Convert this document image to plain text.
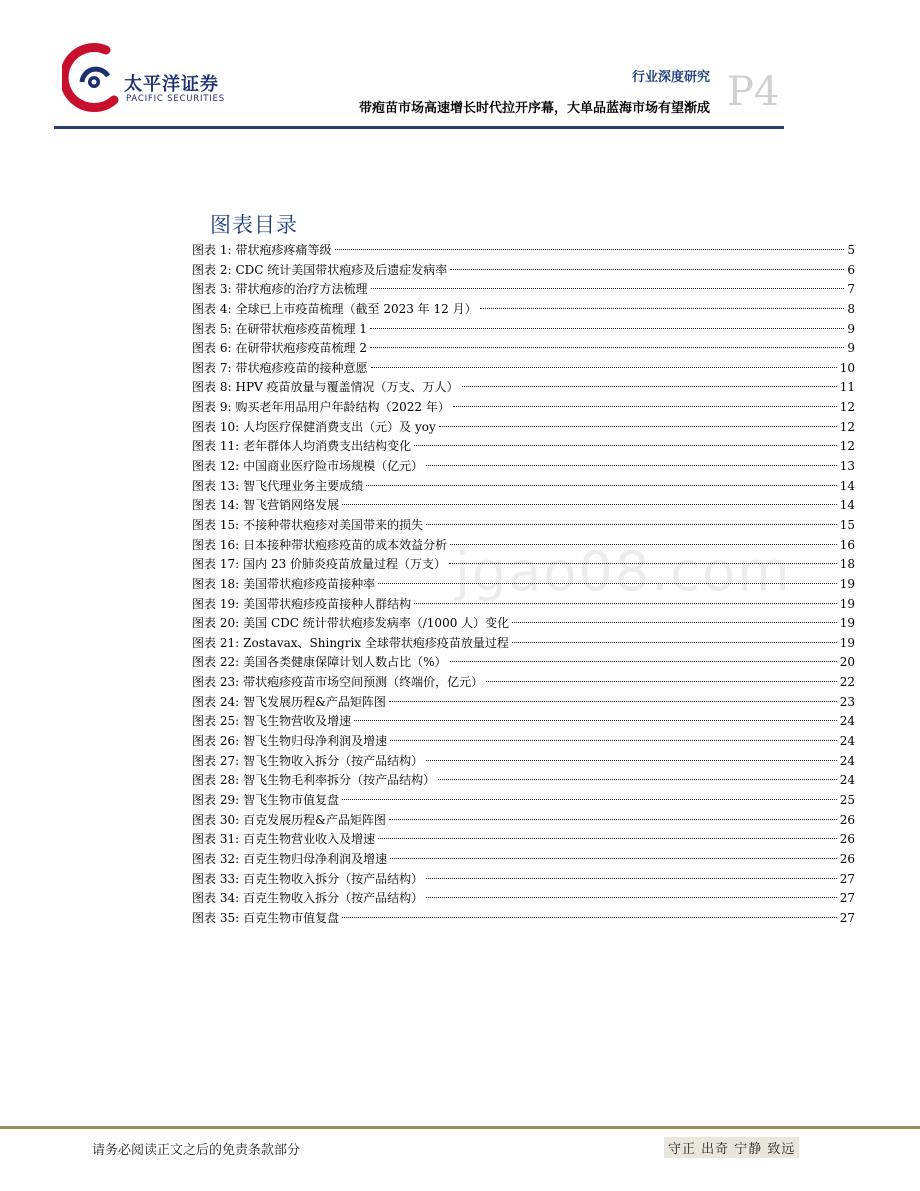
太平洋证券
PACIFIC SECURITIES
行业深度研究
带疱苗市场高速增长时代拉开序幕，大单品蓝海市场有望渐成 P4
jgao08.com
图表目录
图表 1: 带状疱疹疼痛等级	5
图表 2: CDC 统计美国带状疱疹及后遗症发病率	6
图表 3: 带状疱疹的治疗方法梳理	7
图表 4: 全球已上市疫苗梳理（截至 2023 年 12 月）	8
图表 5: 在研带状疱疹疫苗梳理 1	9
图表 6: 在研带状疱疹疫苗梳理 2	9
图表 7: 带状疱疹疫苗的接种意愿	10
图表 8: HPV 疫苗放量与覆盖情况（万支、万人）	11
图表 9: 购买老年用品用户年龄结构（2022 年）	12
图表 10: 人均医疗保健消费支出（元）及 yoy	12
图表 11: 老年群体人均消费支出结构变化	12
图表 12: 中国商业医疗险市场规模（亿元）	13
图表 13: 智飞代理业务主要成绩	14
图表 14: 智飞营销网络发展	14
图表 15: 不接种带状疱疹对美国带来的损失	15
图表 16: 日本接种带状疱疹疫苗的成本效益分析	16
图表 17: 国内 23 价肺炎疫苗放量过程（万支）	18
图表 18: 美国带状疱疹疫苗接种率	19
图表 19: 美国带状疱疹疫苗接种人群结构	19
图表 20: 美国 CDC 统计带状疱疹发病率（/1000 人）变化	19
图表 21: Zostavax、Shingrix 全球带状疱疹疫苗放量过程	19
图表 22: 美国各类健康保障计划人数占比（%）	20
图表 23: 带状疱疹疫苗市场空间预测（终端价，亿元）	22
图表 24: 智飞发展历程&产品矩阵图	23
图表 25: 智飞生物营收及增速	24
图表 26: 智飞生物归母净利润及增速	24
图表 27: 智飞生物收入拆分（按产品结构）	24
图表 28: 智飞生物毛利率拆分（按产品结构）	24
图表 29: 智飞生物市值复盘	25
图表 30: 百克发展历程&产品矩阵图	26
图表 31: 百克生物营业收入及增速	26
图表 32: 百克生物归母净利润及增速	26
图表 33: 百克生物收入拆分（按产品结构）	27
图表 34: 百克生物收入拆分（按产品结构）	27
图表 35: 百克生物市值复盘	27
请务必阅读正文之后的免责条款部分	守正 出奇 宁静 致远
